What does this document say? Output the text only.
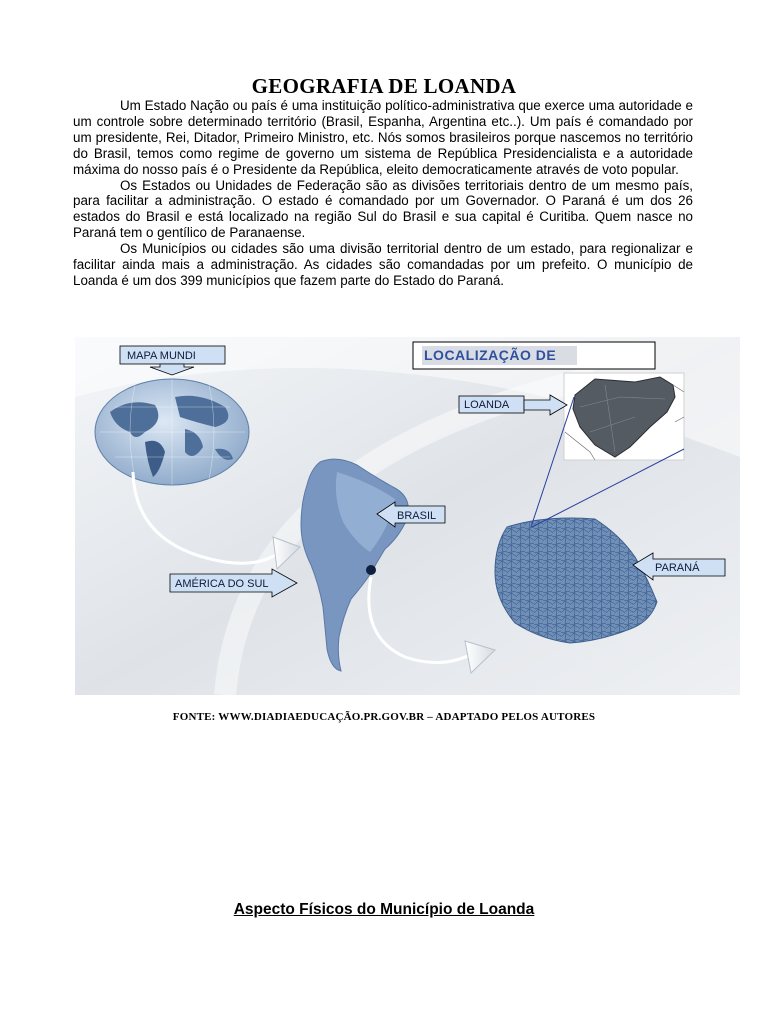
GEOGRAFIA DE LOANDA

Um Estado Nação ou país é uma instituição político-administrativa que exerce uma autoridade e um controle sobre determinado território (Brasil, Espanha, Argentina etc..). Um país é comandado por um presidente, Rei, Ditador, Primeiro Ministro, etc. Nós somos brasileiros porque nascemos no território do Brasil, temos como regime de governo um sistema de República Presidencialista e a autoridade máxima do nosso país é o Presidente da República, eleito democraticamente através de voto popular.

Os Estados ou Unidades de Federação são as divisões territoriais dentro de um mesmo país, para facilitar a administração. O estado é comandado por um Governador. O Paraná é um dos 26 estados do Brasil e está localizado na região Sul do Brasil e sua capital é Curitiba. Quem nasce no Paraná tem o gentílico de Paranaense.

Os Municípios ou cidades são uma divisão territorial dentro de um estado, para regionalizar e facilitar ainda mais a administração. As cidades são comandadas por um prefeito. O município de Loanda é um dos 399 municípios que fazem parte do Estado do Paraná.

LOCALIZAÇÃO DE
MAPA MUNDI
LOANDA
BRASIL
PARANÁ
AMÉRICA DO SUL
FONTE: WWW.DIADIAEDUCAÇÃO.PR.GOV.BR – ADAPTADO PELOS AUTORES
Aspecto Físicos do Município de Loanda
